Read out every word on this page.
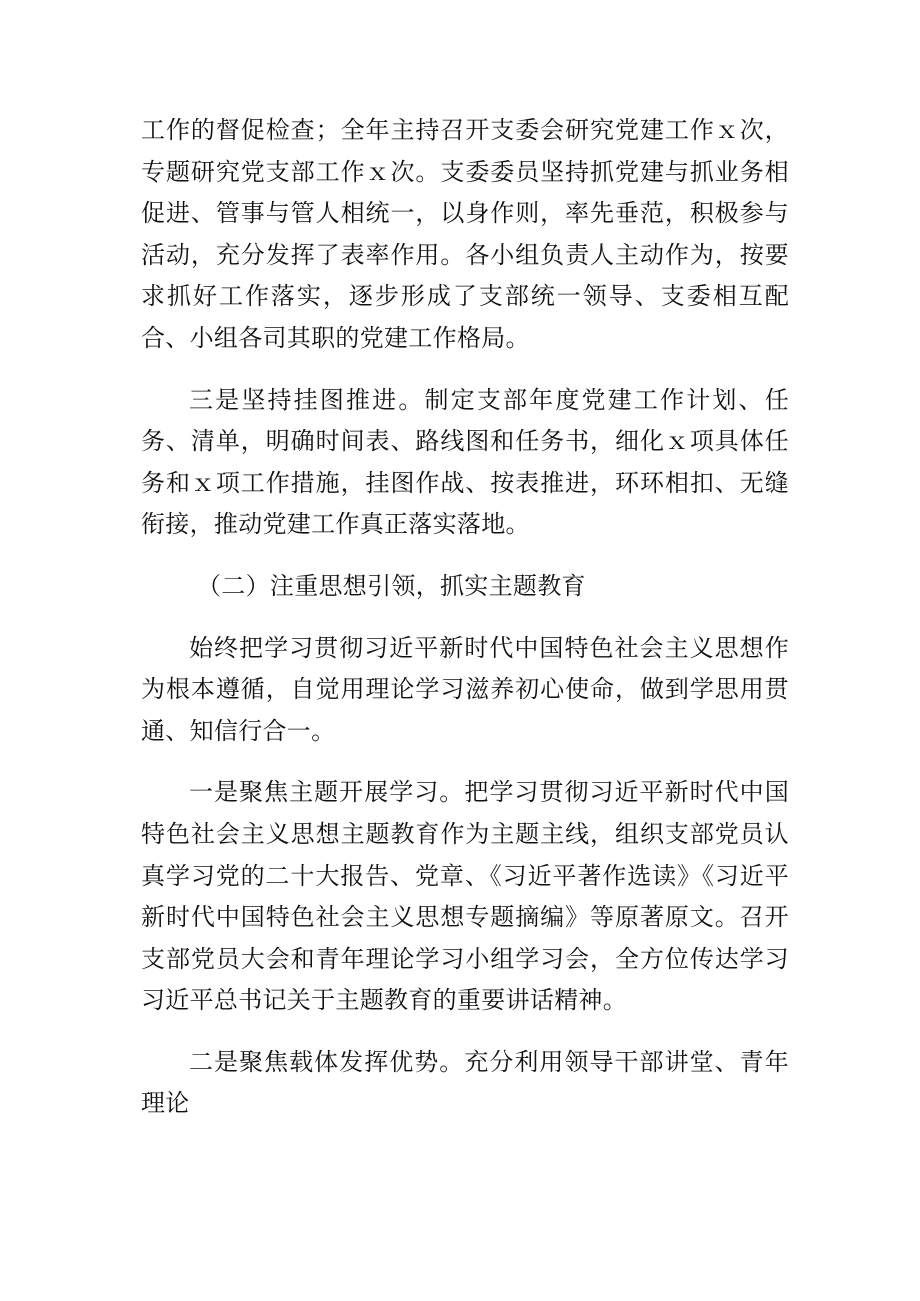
工作的督促检查；全年主持召开支委会研究党建工作ｘ次，专题研究党支部工作ｘ次。支委委员坚持抓党建与抓业务相促进、管事与管人相统一，以身作则，率先垂范，积极参与活动，充分发挥了表率作用。各小组负责人主动作为，按要求抓好工作落实，逐步形成了支部统一领导、支委相互配合、小组各司其职的党建工作格局。

三是坚持挂图推进。制定支部年度党建工作计划、任务、清单，明确时间表、路线图和任务书，细化ｘ项具体任务和ｘ项工作措施，挂图作战、按表推进，环环相扣、无缝衔接，推动党建工作真正落实落地。

（二）注重思想引领，抓实主题教育

始终把学习贯彻习近平新时代中国特色社会主义思想作为根本遵循，自觉用理论学习滋养初心使命，做到学思用贯通、知信行合一。

一是聚焦主题开展学习。把学习贯彻习近平新时代中国特色社会主义思想主题教育作为主题主线，组织支部党员认真学习党的二十大报告、党章、《习近平著作选读》《习近平新时代中国特色社会主义思想专题摘编》等原著原文。召开支部党员大会和青年理论学习小组学习会，全方位传达学习习近平总书记关于主题教育的重要讲话精神。

二是聚焦载体发挥优势。充分利用领导干部讲堂、青年理论
